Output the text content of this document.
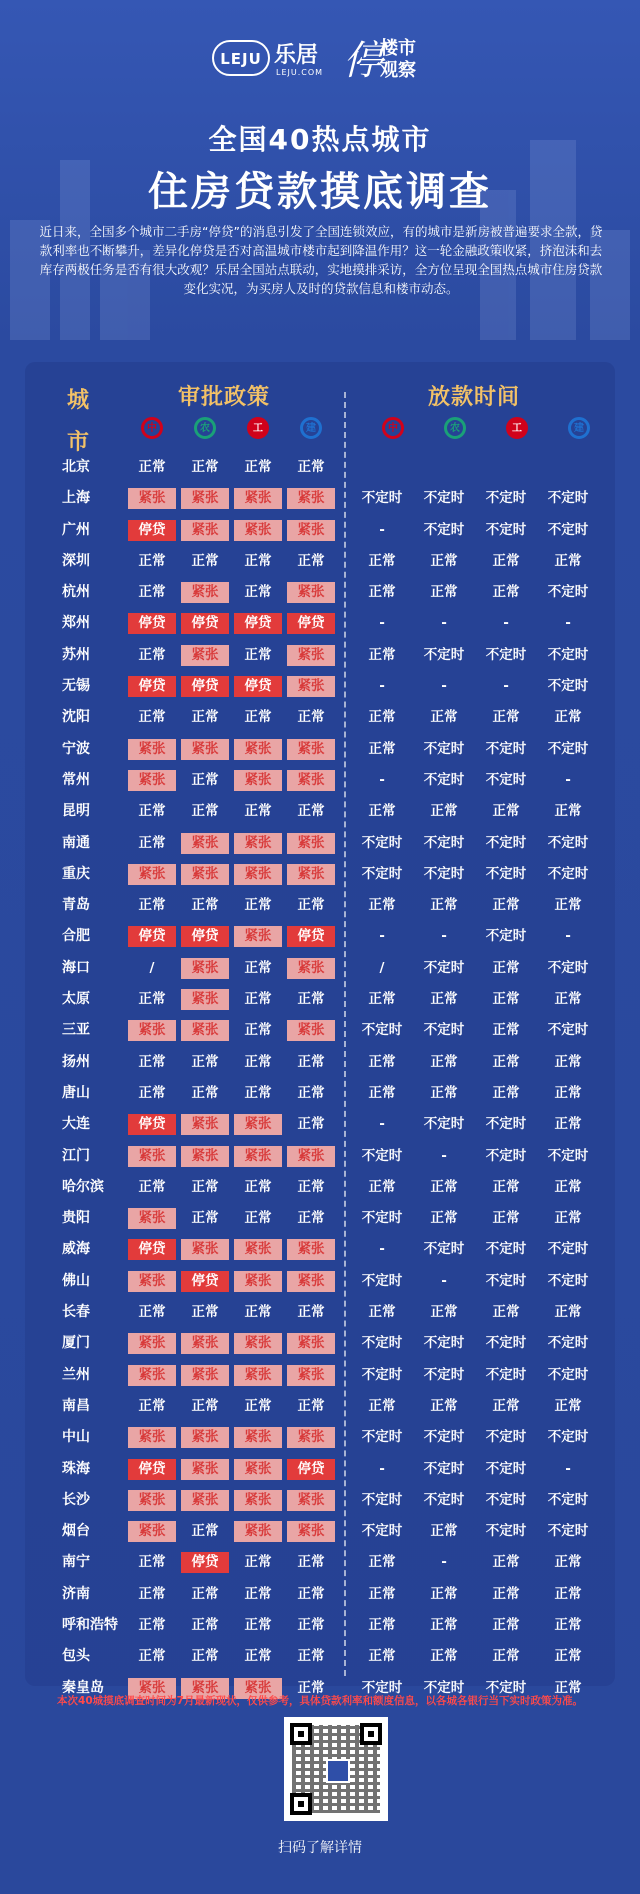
LEJU 乐居
LEJU.COM 停
楼市观察
全国40热点城市
住房贷款摸底调查
近日来，全国多个城市二手房“停贷”的消息引发了全国连锁效应，有的城市是新房被普遍要求全款，贷款利率也不断攀升，差异化停贷是否对高温城市楼市起到降温作用？这一轮金融政策收紧，挤泡沫和去库存两极任务是否有很大改观？乐居全国站点联动，实地摸排采访，全方位呈现全国热点城市住房贷款变化实况，为买房人及时的贷款信息和楼市动态。
城市
审批政策	放款时间
中	农	工	建	中	农	工	建
北京	正常	正常	正常	正常
上海	紧张	紧张	紧张	紧张	不定时	不定时	不定时	不定时
广州	停贷	紧张	紧张	紧张	-	不定时	不定时	不定时
深圳	正常	正常	正常	正常	正常	正常	正常	正常
杭州	正常	紧张	正常	紧张	正常	正常	正常	不定时
郑州	停贷	停贷	停贷	停贷	-	-	-	-
苏州	正常	紧张	正常	紧张	正常	不定时	不定时	不定时
无锡	停贷	停贷	停贷	紧张	-	-	-	不定时
沈阳	正常	正常	正常	正常	正常	正常	正常	正常
宁波	紧张	紧张	紧张	紧张	正常	不定时	不定时	不定时
常州	紧张	正常	紧张	紧张	-	不定时	不定时	-
昆明	正常	正常	正常	正常	正常	正常	正常	正常
南通	正常	紧张	紧张	紧张	不定时	不定时	不定时	不定时
重庆	紧张	紧张	紧张	紧张	不定时	不定时	不定时	不定时
青岛	正常	正常	正常	正常	正常	正常	正常	正常
合肥	停贷	停贷	紧张	停贷	-	-	不定时	-
海口	/	紧张	正常	紧张	/	不定时	正常	不定时
太原	正常	紧张	正常	正常	正常	正常	正常	正常
三亚	紧张	紧张	正常	紧张	不定时	不定时	正常	不定时
扬州	正常	正常	正常	正常	正常	正常	正常	正常
唐山	正常	正常	正常	正常	正常	正常	正常	正常
大连	停贷	紧张	紧张	正常	-	不定时	不定时	正常
江门	紧张	紧张	紧张	紧张	不定时	-	不定时	不定时
哈尔滨	正常	正常	正常	正常	正常	正常	正常	正常
贵阳	紧张	正常	正常	正常	不定时	正常	正常	正常
威海	停贷	紧张	紧张	紧张	-	不定时	不定时	不定时
佛山	紧张	停贷	紧张	紧张	不定时	-	不定时	不定时
长春	正常	正常	正常	正常	正常	正常	正常	正常
厦门	紧张	紧张	紧张	紧张	不定时	不定时	不定时	不定时
兰州	紧张	紧张	紧张	紧张	不定时	不定时	不定时	不定时
南昌	正常	正常	正常	正常	正常	正常	正常	正常
中山	紧张	紧张	紧张	紧张	不定时	不定时	不定时	不定时
珠海	停贷	紧张	紧张	停贷	-	不定时	不定时	-
长沙	紧张	紧张	紧张	紧张	不定时	不定时	不定时	不定时
烟台	紧张	正常	紧张	紧张	不定时	正常	不定时	不定时
南宁	正常	停贷	正常	正常	正常	-	正常	正常
济南	正常	正常	正常	正常	正常	正常	正常	正常
呼和浩特	正常	正常	正常	正常	正常	正常	正常	正常
包头	正常	正常	正常	正常	正常	正常	正常	正常
秦皇岛	紧张	紧张	紧张	正常	不定时	不定时	不定时	正常
本次40城摸底调查时间为7月最新现状，仅供参考，具体贷款利率和额度信息，以各城各银行当下实时政策为准。
扫码了解详情
